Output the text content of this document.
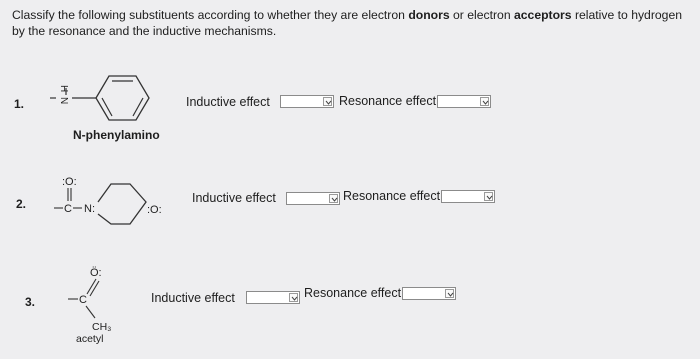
Classify the following substituents according to whether they are electron donors or electron acceptors relative to hydrogen by the resonance and the inductive mechanisms.
1.
H
N
N-phenylamino
Inductive effect	Resonance effect
2.
:O:
C N:	:O:
Inductive effect	Resonance effect
3.
Ö:
C
CH₃
acetyl
Inductive effect	Resonance effect
